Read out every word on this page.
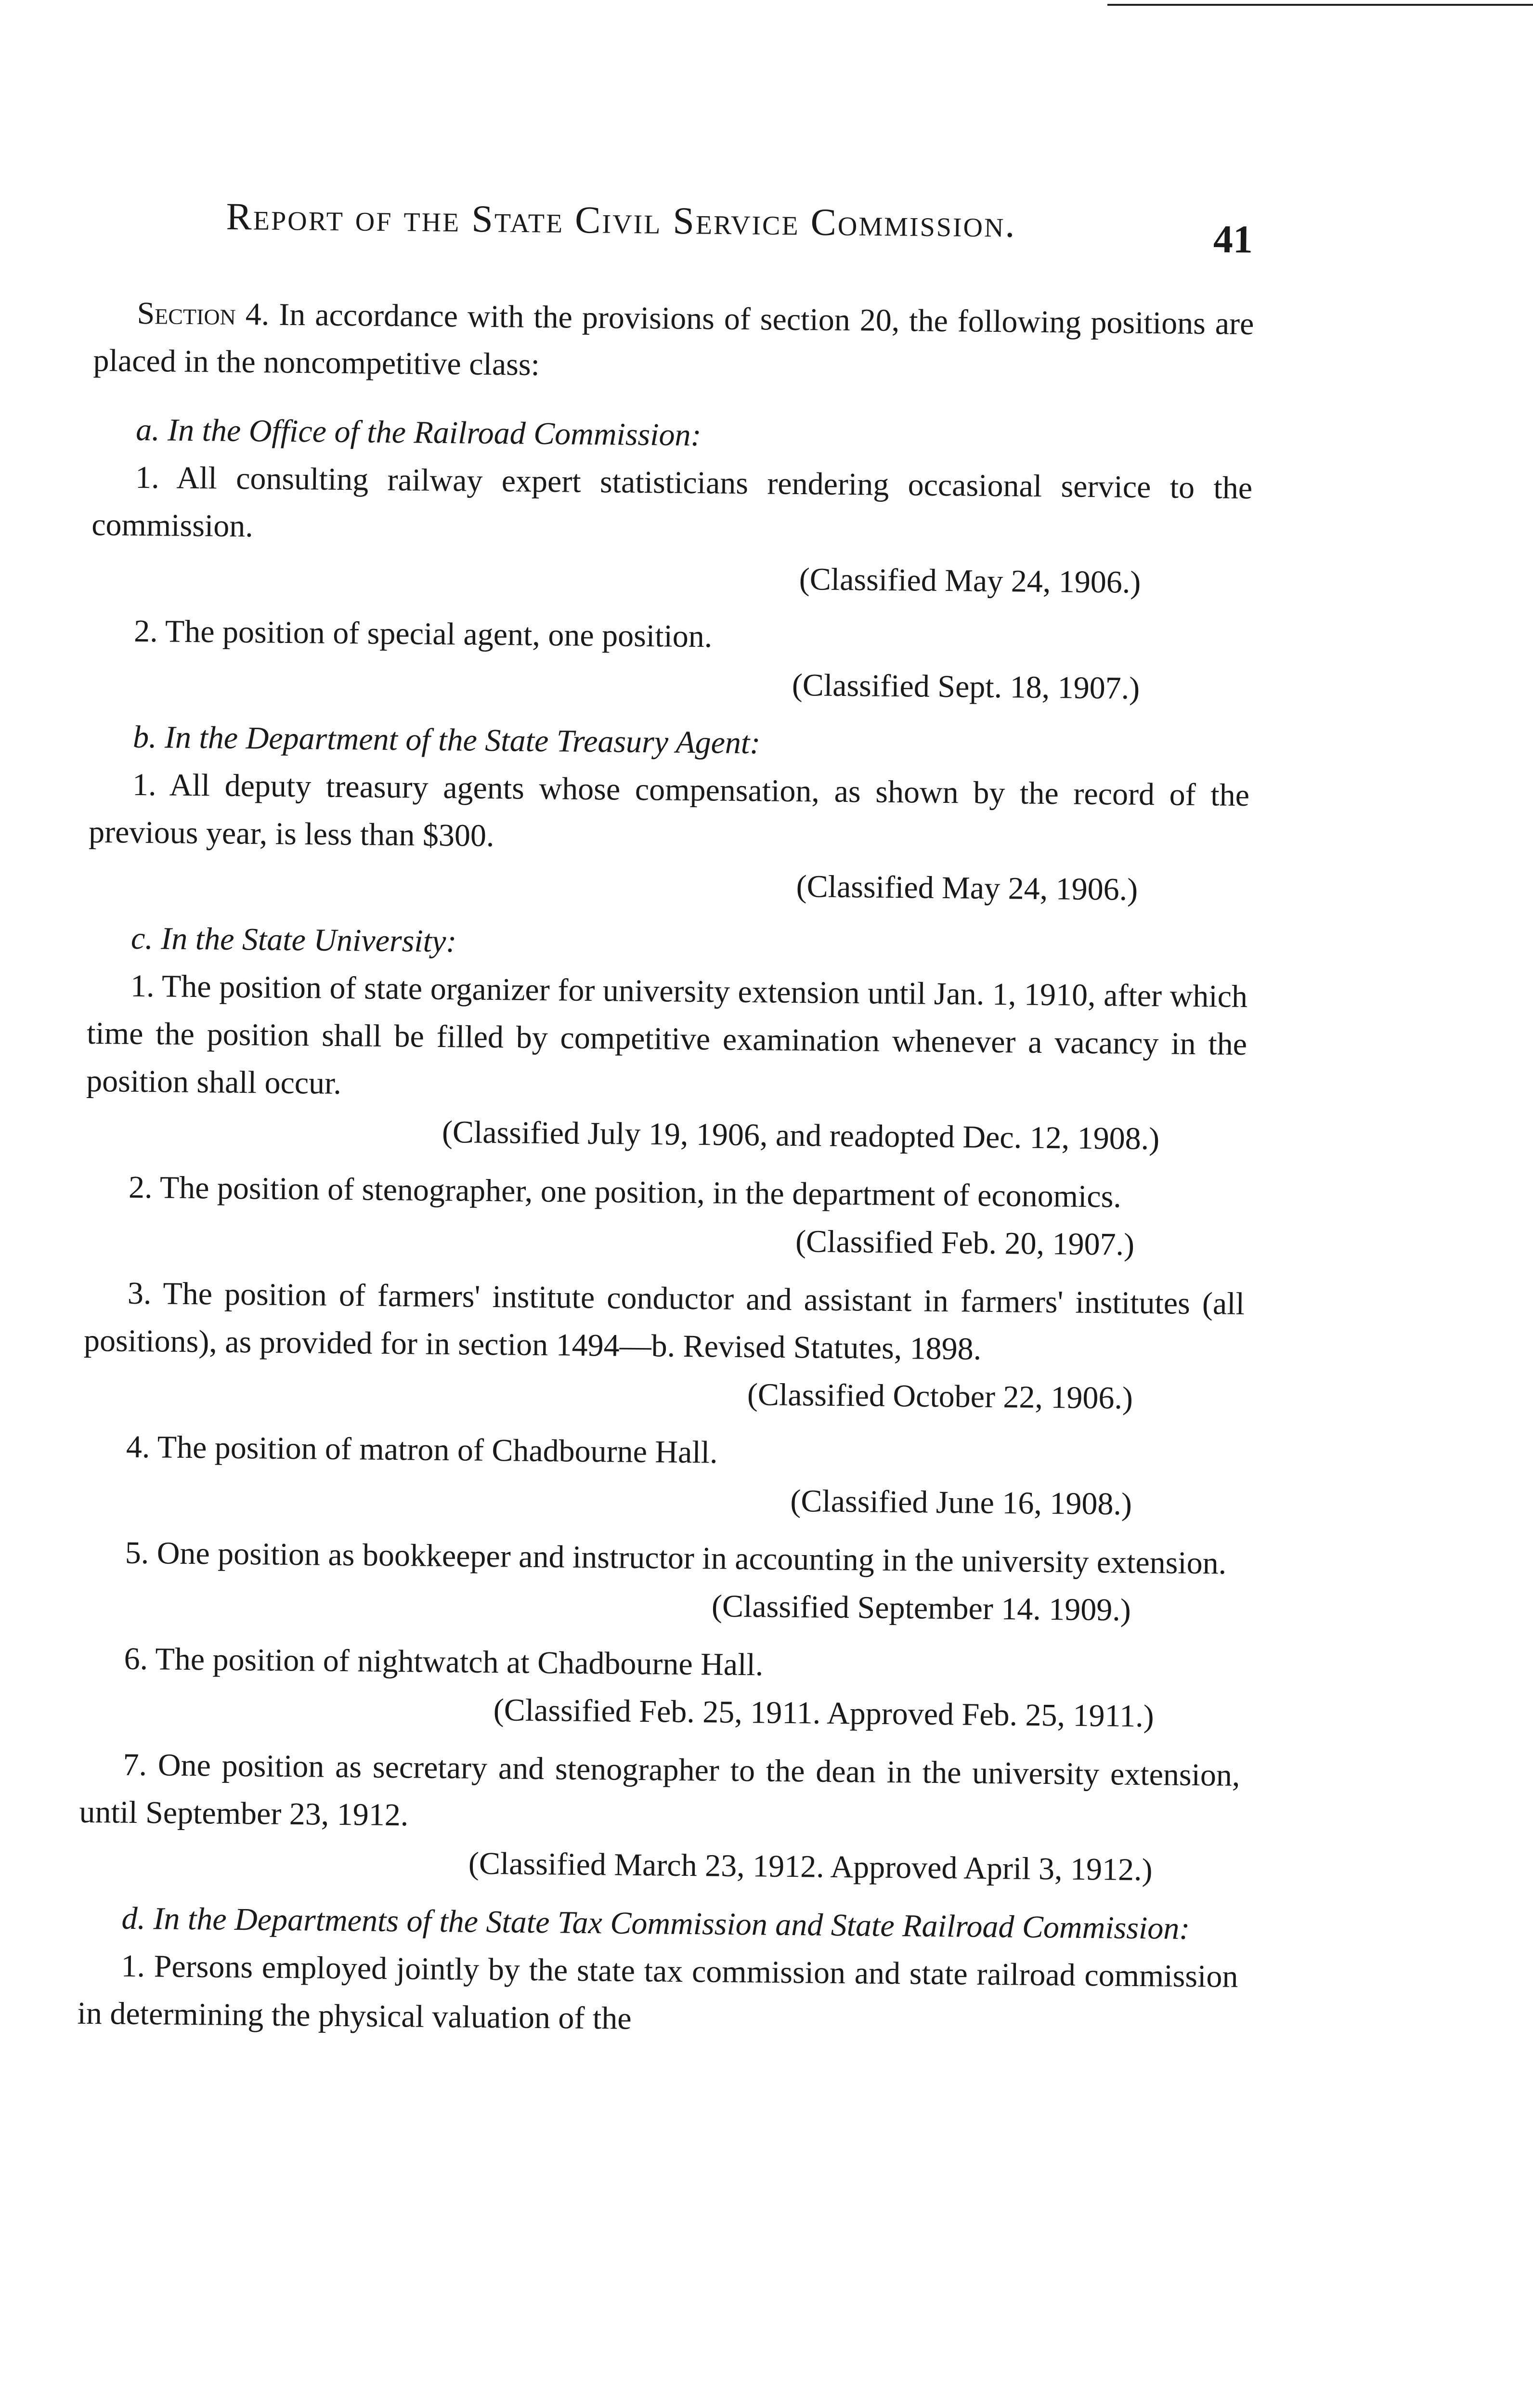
Report of the State Civil Service Commission.	41

Section 4. In accordance with the provisions of section 20, the following positions are placed in the noncompetitive class:

a. In the Office of the Railroad Commission:

1. All consulting railway expert statisticians rendering occasional service to the commission.

(Classified May 24, 1906.)

2. The position of special agent, one position.

(Classified Sept. 18, 1907.)

b. In the Department of the State Treasury Agent:

1. All deputy treasury agents whose compensation, as shown by the record of the previous year, is less than $300.

(Classified May 24, 1906.)

c. In the State University:

1. The position of state organizer for university extension until Jan. 1, 1910, after which time the position shall be filled by competitive examination whenever a vacancy in the position shall occur.

(Classified July 19, 1906, and readopted Dec. 12, 1908.)

2. The position of stenographer, one position, in the department of economics.

(Classified Feb. 20, 1907.)

3. The position of farmers' institute conductor and assistant in farmers' institutes (all positions), as provided for in section 1494—b. Revised Statutes, 1898.

(Classified October 22, 1906.)

4. The position of matron of Chadbourne Hall.

(Classified June 16, 1908.)

5. One position as bookkeeper and instructor in accounting in the university extension.

(Classified September 14. 1909.)

6. The position of nightwatch at Chadbourne Hall.

(Classified Feb. 25, 1911. Approved Feb. 25, 1911.)

7. One position as secretary and stenographer to the dean in the university extension, until September 23, 1912.

(Classified March 23, 1912. Approved April 3, 1912.)

d. In the Departments of the State Tax Commission and State Railroad Commission:

1. Persons employed jointly by the state tax commission and state railroad commission in determining the physical valuation of the
